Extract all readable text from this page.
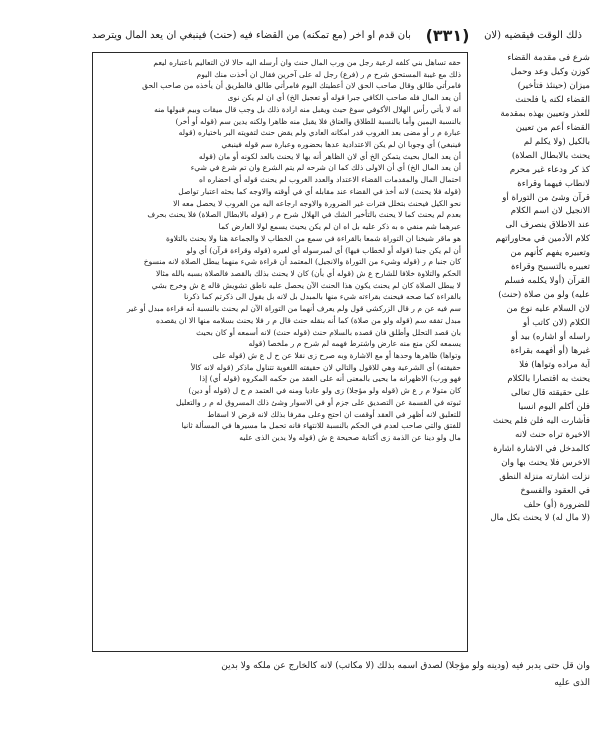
ذلك الوقت فيقضيه (لان
(٣٣١)
بان قدم أو أخر (مع تمكنه) من القضاء فيه (حنث) فينبغي أن يعد المال ويترصد
شرع فى مقدمة القضاء
كوزن وكيل وعد وحمل
ميزان (حينئذ فتأخير)
القضاء لكنه يا فلحنث
للعذر وتعيين بهذه بمقدمة
القضاء أعم من تعيين
بالكيل (ولا يكلم لم
يحنث بالابطال الصلاة)
كذ كر ودعاء غير محرم
لانطاب فيهما وقراءة
قرآن وشئ من التوراة أو
الانجيل لان اسم الكلام
عند الاطلاق ينصرف الى
كلام الأدمين في محاوراتهم
وتعبيره يفهم كأنهم من
تعبيره بالتسبيح وقراءة
القرآن (أولا يكلمه فسلم
عليه) ولو من صلاة (حنث)
لان السلام عليه نوع من
الكلام (لان كاتب أو
راسله أو اشاره) بيد أو
غيرها (أو أفهمه بقراءة
آية مراده وتواها) فلا
يحنث به اقتصارا بالكلام
على حقيقته قال تعالى
فلن أكلم اليوم انسيا
فأشارت اليه فلن فلم يحنث
الاخيرة تراه حنث لانه
كالمدخل في الاشارة اشارة
الاخرس فلا يحنث بها وان
نزلت اشارته منزلة النطق
في العقود والفسوخ
للضرورة (أو) حلف
(لا مال له) لا يحنث بكل مال
حقه تساهل بني كلفه لرعية رجل من ورب المال حنث وان أرسله اليه حالا لان التعاليم باعتباره ليعم
ذلك مع غيبة المستحق شرح م ر (فرع) رجل له على آخرين فقال ان أخذت منك اليوم
فامرأتي طالق وقال صاحب الحق لان أعطيتك اليوم فامرأتي طالق فالطريق أن يأخذه من صاحب الحق
أن يعد المال فله صاحب الكافي جبرا قوله أو تعجيل الخ) أي ان لم يكن نوى
انه لا يأتي رأس الهلال الأكوفي سوغ حيث ويقبل منه ارادة ذلك بل وجب قال ميقات وبيم قبولها منه
بالنسبة اليمين وأما بالنسبة للطلاق والعتاق فلا يقبل منه ظاهرا ولكنه يدين سم (قوله أو أخر)
عبارة م ر أو مضى بعد الغروب قدر امكانه العادي ولم يقض حنث لتفويته البر باختياره (قوله
فينبغي) أي وجوبا ان لم يكن الاعتدادية عدها بحضوره وعبارة سم قوله فينبغي
أن يعد المال بحيث يتمكن الخ أي لان الظاهر أنه بها لا يحنث بالعد لكونه أو مان (قوله
أن يعد المال الخ) أي أن الاولى ذلك كما ان شرحه لم يتم الشرع وان تم شرع في شيء
احتمال المال والمقدمات القضاء الاعتداد والعدد الغروب لم يحنث قوله أي احضاره اه
(قوله فلا يحنث) لانه أخذ في القضاء عند مقابله أي في أوقته والاوجه كما بحثه اعتبار تواصل
نحو الكيل فيحنث بتخلل فترات غير الضرورة والاوجه ارجاعه اليه من الغروب لا يحصل معه الا
بعدم لم يحنث كما لا يحنث بالتأخير الشك في الهلال شرح م ر (قوله بالابطال الصلاة) فلا يحنث بحرف
عبرهما شم منفي ه به ذكر عليه بل اه ان لم يكن يحيث يسمع لولا العارض كما
هو ماقر شيخنا ان التوراة شمعا بالقراءة في سمع من الخطاب لا والجماعة هنا ولا يحنث بالتلاوة
أن لم يكن جنبا (قوله أو لخطاب فيها) أي لمبرسوله أي لغيره (قوله وقراءة قرآن) أي ولو
كان جنبا م ر (قوله وشيء من التوراة والانجيل) المعتمد أن قراءة شيء منهما يبطل الصلاة لانه منسوخ
الحكم والتلاوة خلافا للشارح ع ش (قوله أي بأن) كان لا يحنث بذلك بالقصد فالصلاة بسبه بالله مثالا
لا يبطل الصلاة كان لم يحنث يكون هذا الحنث الآن يحصل عليه ناطق تشويش قاله ع ش وخرج بشي
بالقراءة كما صحه فيحنث بقراءته شيء منها بالمبدل بل لانه بل يقول الى ذكرتم كما ذكرنا
سم فيه عن م ر قال الزركشي قول ولم يعرف أنهما من التوراة الآن لم يحنث بالنسبة أنه قراءة مبدل أو غير
مبدل تفقه سم (قوله ولو من صلاة) كما أنه بنقله حنث قال م ر فلا يحنث بسلامه منها الا ان يقصده
بان قصد التحلل وأطلق فان قصده بالسلام حنث (قوله حنث) لانه أسمعه أو كان بحيث
يسمعه لكن منع منه عارض واشترط فهمه لم شرح م ر ملخصا (قوله
وتواها) ظاهرها وحدها أو مع الاشارة وبه صرح زى نقلا عن ح ل ع ش (قوله على
حقيقته) أي الشرعية وهي للاقول والتالي لان حقيقته اللغوية تتناول ماذكر (قوله لانه كالأ
فهو ورب) الاظهرانه ما يحيى بالمعنى أنه على العقد من حكمه المكروه (قوله أي) إذا
كان متولا م ر ع ش (قوله ولو مؤجلا) زى ولو عاديا ومنه في العتمد م ح ل (قوله أو دين)
ثبوته في القسمة عن التصديق على جزم أو في الاسوار وشئ ذلك المسروق له م ر والتعليل
للتعليق لانه أظهر في العقد أوقفت ان احتج وعلى مقرفا بذلك لانه قرض لا اسقاط
للفتق والتي صاحب لعدم في الحكم بالنسبة للانتهاء فانه تحمل ما مسيرها في المسألة ثانيا
مال ولو دينا عن الذمة زى أكتابة صحيحة ع ش (قوله ولا يدين الذى عليه
وان قل حتى يدبر فيه (ودينه ولو مؤجلا) لصدق اسمه بذلك (لا مكاتب) لانه كالخارج عن ملكه ولا بدين
الذى عليه
